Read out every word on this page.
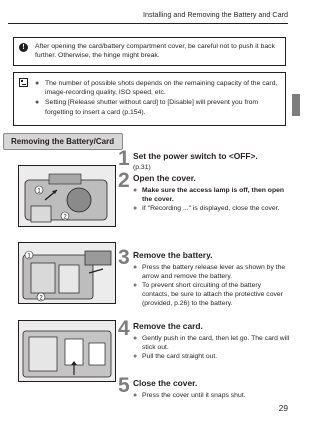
Installing and Removing the Battery and Card
!	After opening the card/battery compartment cover, be careful not to push it back further. Otherwise, the hinge might break.
● The number of possible shots depends on the remaining capacity of the card, image-recording quality, ISO speed, etc.
● Setting [Release shutter without card] to [Disable] will prevent you from forgetting to insert a card (p.154).
Removing the Battery/Card
1
2
1
2
1 Set the power switch to <OFF>.
(p.31)
2 Open the cover.
● Make sure the access lamp is off, then open the cover.
● If "Recording ..." is displayed, close the cover.
3 Remove the battery.
● Press the battery release lever as shown by the arrow and remove the battery.
● To prevent short circuiting of the battery contacts, be sure to attach the protective cover (provided, p.26) to the battery.
4 Remove the card.
● Gently push in the card, then let go. The card will stick out.
● Pull the card straight out.
5 Close the cover.
● Press the cover until it snaps shut.
29
